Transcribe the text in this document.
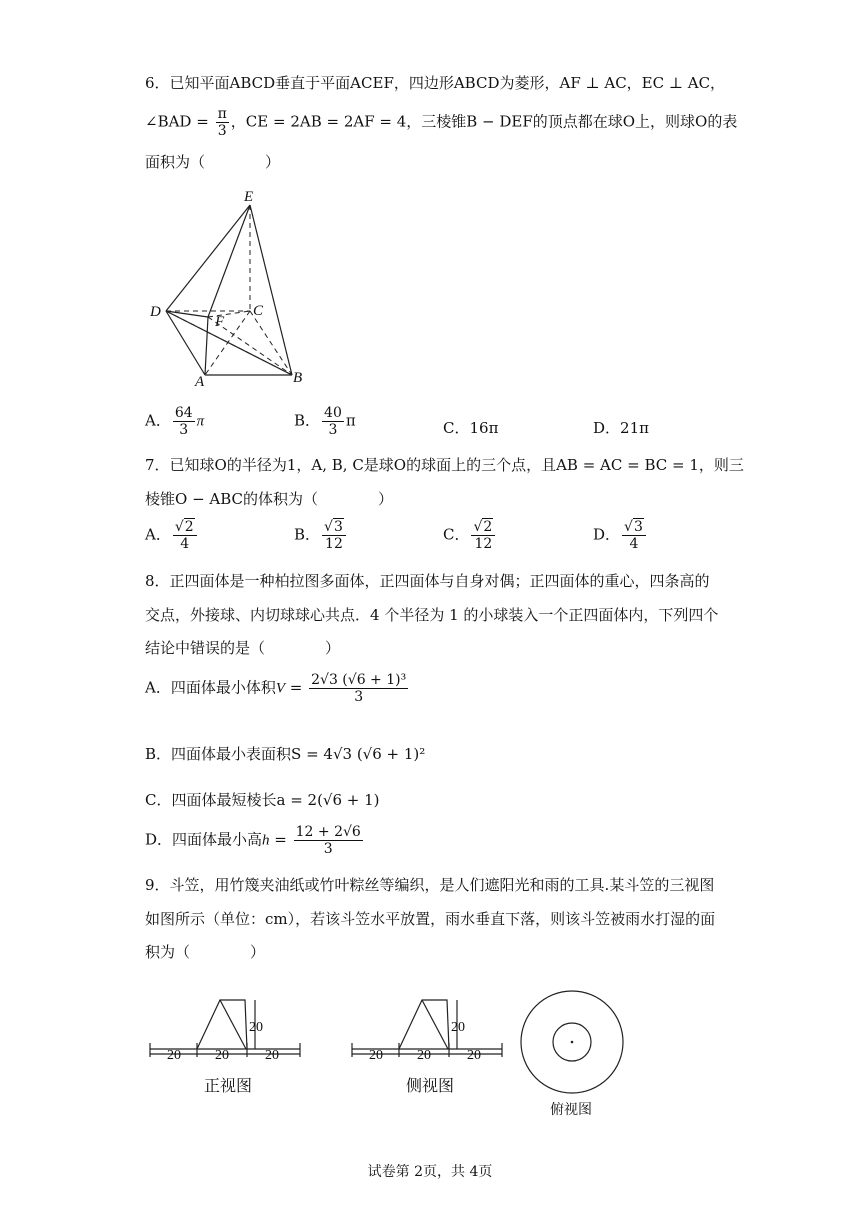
6．已知平面ABCD垂直于平面ACEF，四边形ABCD为菱形，AF ⊥ AC，EC ⊥ AC，
∠BAD = $\frac{\pi}{3}$ ，CE = 2AB = 2AF = 4，三棱锥B − DEF的顶点都在球O上，则球O的表
面积为（　　　　）
E
D	C
F
A	B
A． $\frac{64}{3}$ π	B． $\frac{40}{3}$ π	C．16π	D．21π
7．已知球O的半径为1，A, B, C是球O的球面上的三个点，且AB = AC = BC = 1，则三
棱锥O − ABC的体积为（　　　　）
A． $\frac{√2}{4}$	B． $\frac{√3}{12}$	C． $\frac{√2}{12}$	D． $\frac{√3}{4}$
8．正四面体是一种柏拉图多面体，正四面体与自身对偶；正四面体的重心，四条高的
交点，外接球、内切球球心共点．4 个半径为 1 的小球装入一个正四面体内，下列四个
结论中错误的是（　　　　）
A．四面体最小体积$V = \frac{\text{2√3 (√6 + 1)³}}{3}$
B．四面体最小表面积S = 4√3 (√6 + 1)²
C．四面体最短棱长a = 2(√6 + 1)
D．四面体最小高$h = \frac{12 + 2√6}{3}$
9．斗笠，用竹篾夹油纸或竹叶粽丝等编织，是人们遮阳光和雨的工具.某斗笠的三视图
如图所示（单位：cm），若该斗笠水平放置，雨水垂直下落，则该斗笠被雨水打湿的面
积为（　　　　）
20 20	20
20
20 20	20
20
正视图	侧视图
俯视图
试卷第 2页，共 4页
